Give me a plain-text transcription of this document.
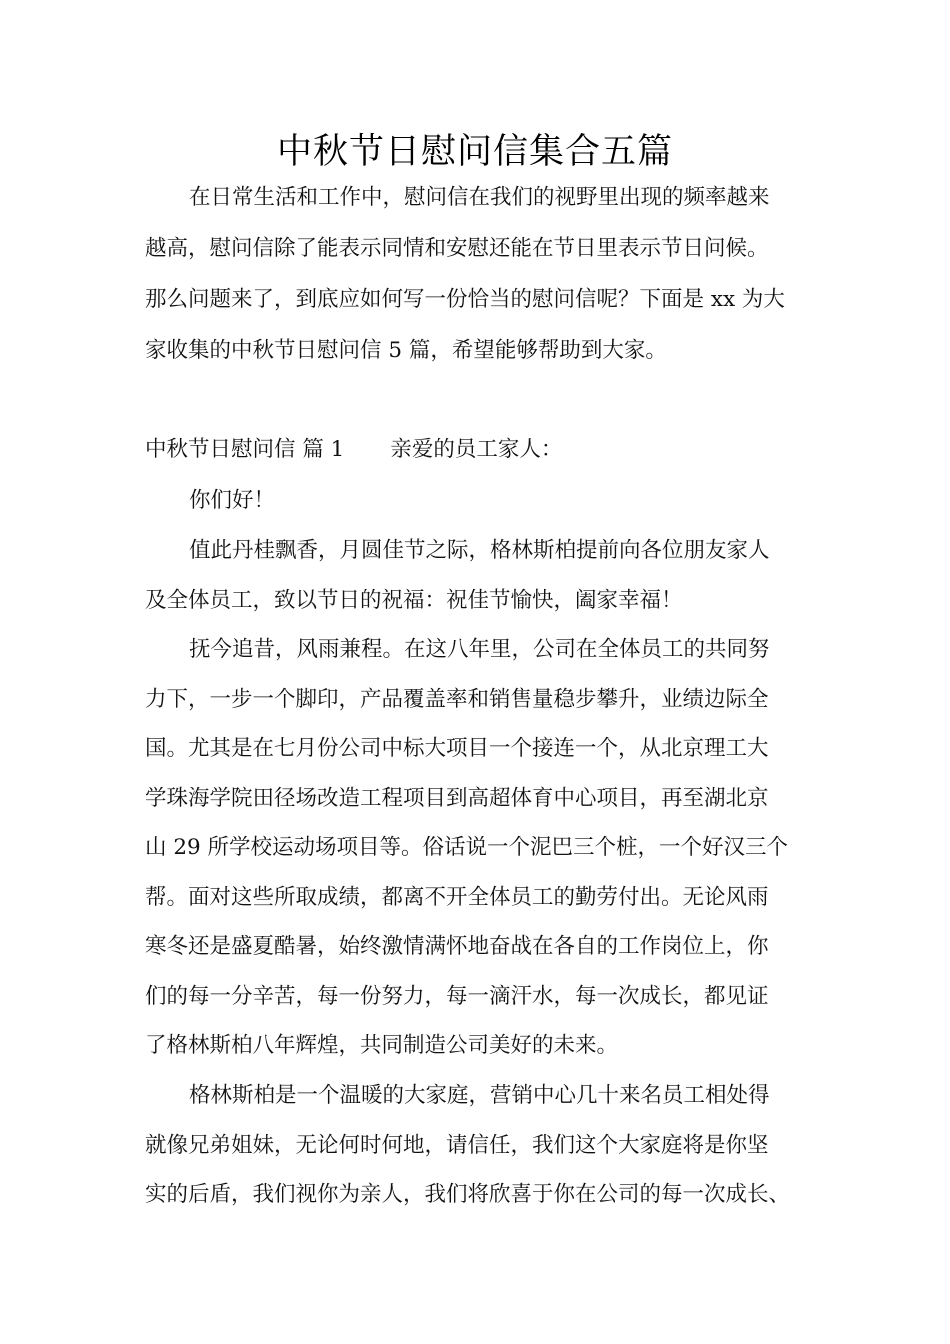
中秋节日慰问信集合五篇
在日常生活和工作中，慰问信在我们的视野里出现的频率越来
越高，慰问信除了能表示同情和安慰还能在节日里表示节日问候。
那么问题来了，到底应如何写一份恰当的慰问信呢？下面是 xx 为大
家收集的中秋节日慰问信 5 篇，希望能够帮助到大家。
中秋节日慰问信 篇 1 亲爱的员工家人：
你们好！
值此丹桂飘香，月圆佳节之际，格林斯柏提前向各位朋友家人
及全体员工，致以节日的祝福：祝佳节愉快，阖家幸福！
抚今追昔，风雨兼程。在这八年里，公司在全体员工的共同努
力下，一步一个脚印，产品覆盖率和销售量稳步攀升，业绩边际全
国。尤其是在七月份公司中标大项目一个接连一个，从北京理工大
学珠海学院田径场改造工程项目到高超体育中心项目，再至湖北京
山 29 所学校运动场项目等。俗话说一个泥巴三个桩，一个好汉三个
帮。面对这些所取成绩，都离不开全体员工的勤劳付出。无论风雨
寒冬还是盛夏酷暑，始终激情满怀地奋战在各自的工作岗位上，你
们的每一分辛苦，每一份努力，每一滴汗水，每一次成长，都见证
了格林斯柏八年辉煌，共同制造公司美好的未来。
格林斯柏是一个温暖的大家庭，营销中心几十来名员工相处得
就像兄弟姐妹，无论何时何地，请信任，我们这个大家庭将是你坚
实的后盾，我们视你为亲人，我们将欣喜于你在公司的每一次成长、
